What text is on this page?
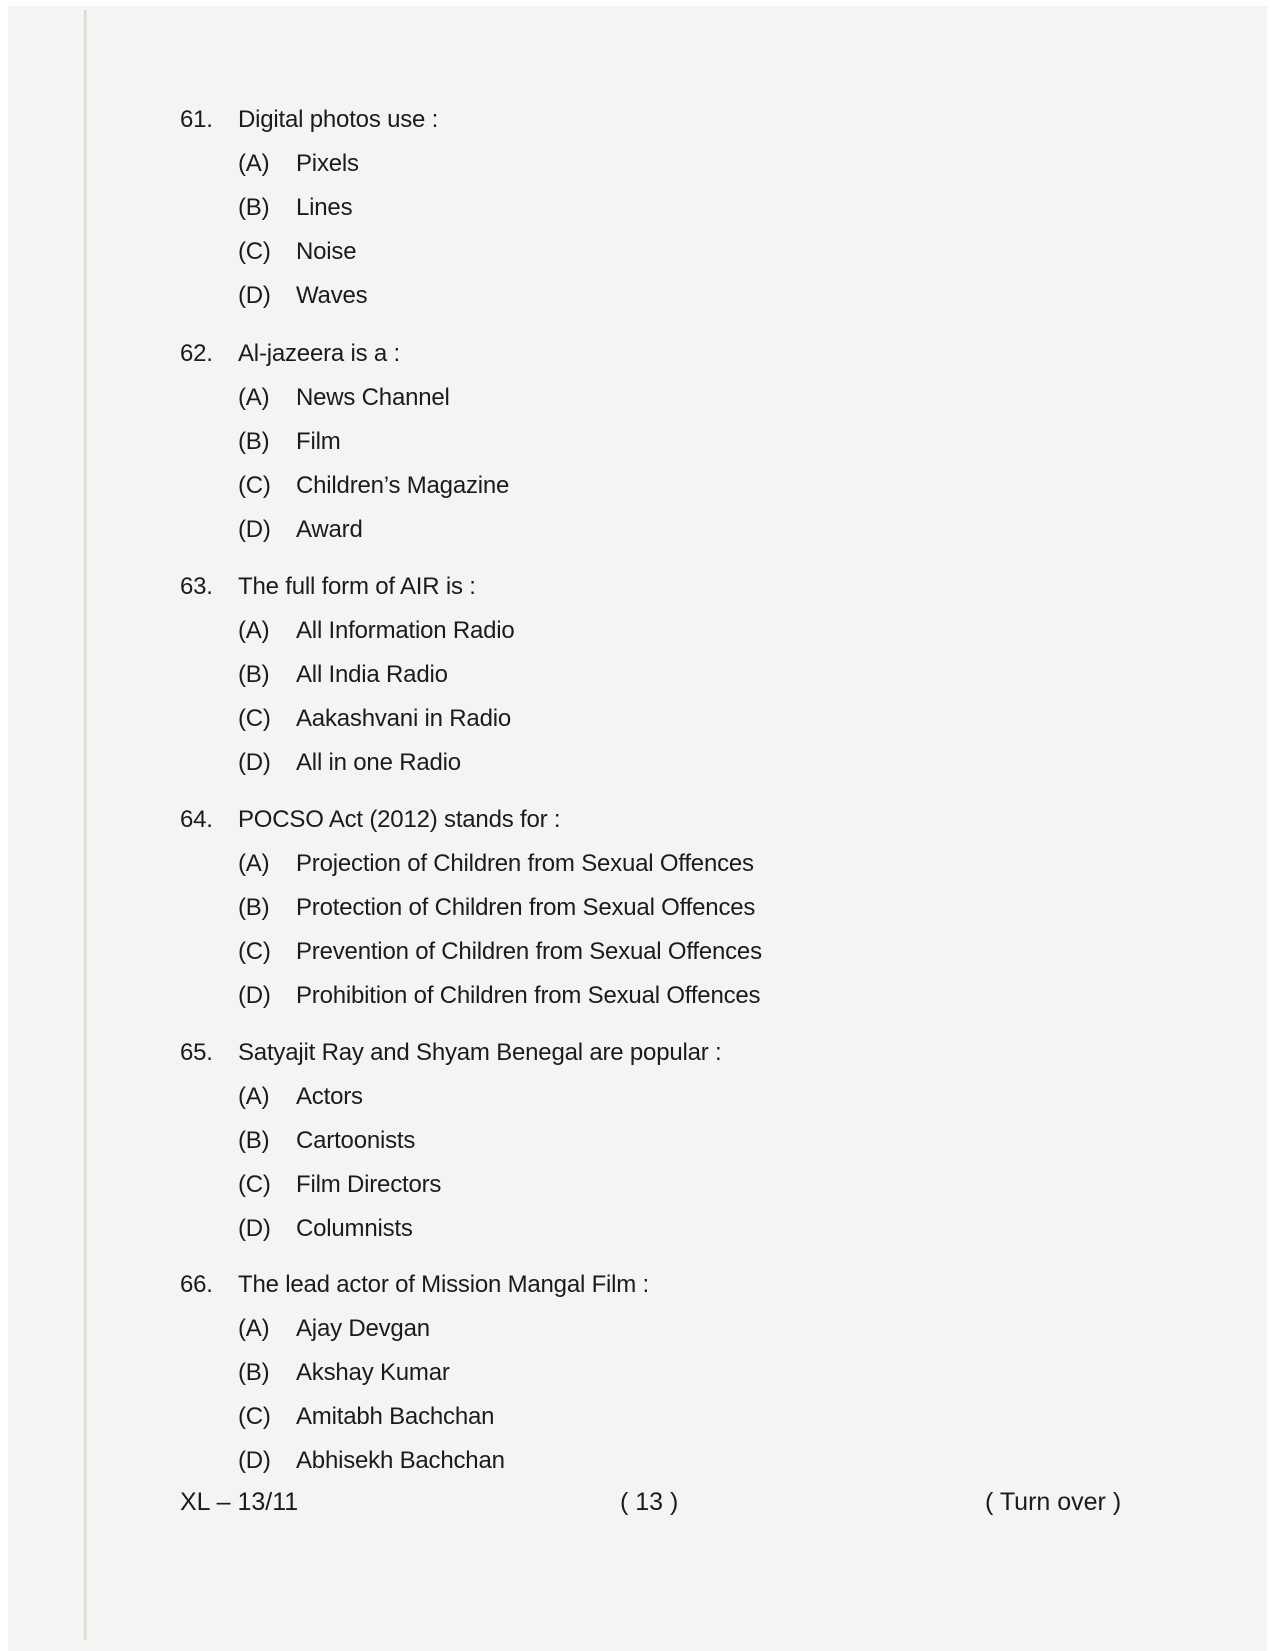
61. Digital photos use :
(A) Pixels
(B) Lines
(C) Noise
(D) Waves
62. Al-jazeera is a :
(A) News Channel
(B) Film
(C) Children’s Magazine
(D) Award
63. The full form of AIR is :
(A) All Information Radio
(B) All India Radio
(C) Aakashvani in Radio
(D) All in one Radio
64. POCSO Act (2012) stands for :
(A) Projection of Children from Sexual Offences
(B) Protection of Children from Sexual Offences
(C) Prevention of Children from Sexual Offences
(D) Prohibition of Children from Sexual Offences
65. Satyajit Ray and Shyam Benegal are popular :
(A) Actors
(B) Cartoonists
(C) Film Directors
(D) Columnists
66. The lead actor of Mission Mangal Film :
(A) Ajay Devgan
(B) Akshay Kumar
(C) Amitabh Bachchan
(D) Abhisekh Bachchan
XL – 13/11	( 13 )	( Turn over )
